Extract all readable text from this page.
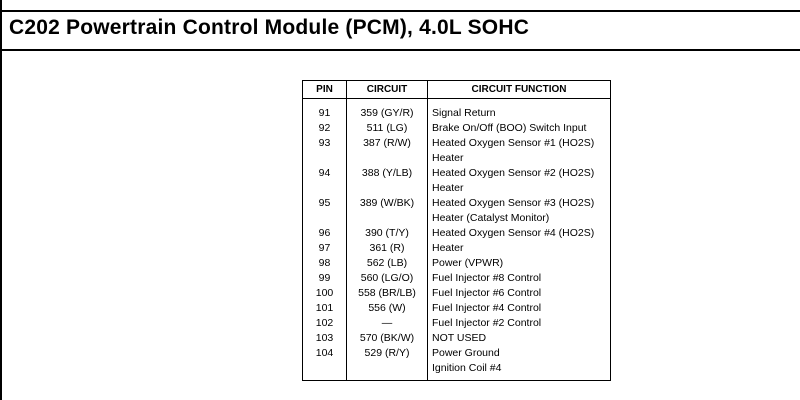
C202 Powertrain Control Module (PCM), 4.0L SOHC
PIN	CIRCUIT	CIRCUIT FUNCTION
91	359 (GY/R)	Signal Return

92	511 (LG)	Brake On/Off (BOO) Switch Input

93	387 (R/W)	Heated Oxygen Sensor #1 (HO2S)
Heater

94	388 (Y/LB)	Heated Oxygen Sensor #2 (HO2S)
Heater

95	389 (W/BK)	Heated Oxygen Sensor #3 (HO2S)
Heater (Catalyst Monitor)

96	390 (T/Y)	Heated Oxygen Sensor #4 (HO2S)

97	361 (R)	Heater

98	562 (LB)	Power (VPWR)

99	560 (LG/O)	Fuel Injector #8 Control

100	558 (BR/LB)	Fuel Injector #6 Control

101	556 (W)	Fuel Injector #4 Control

102	—	Fuel Injector #2 Control

103	570 (BK/W)	NOT USED

104	529 (R/Y)	Power Ground
Ignition Coil #4
